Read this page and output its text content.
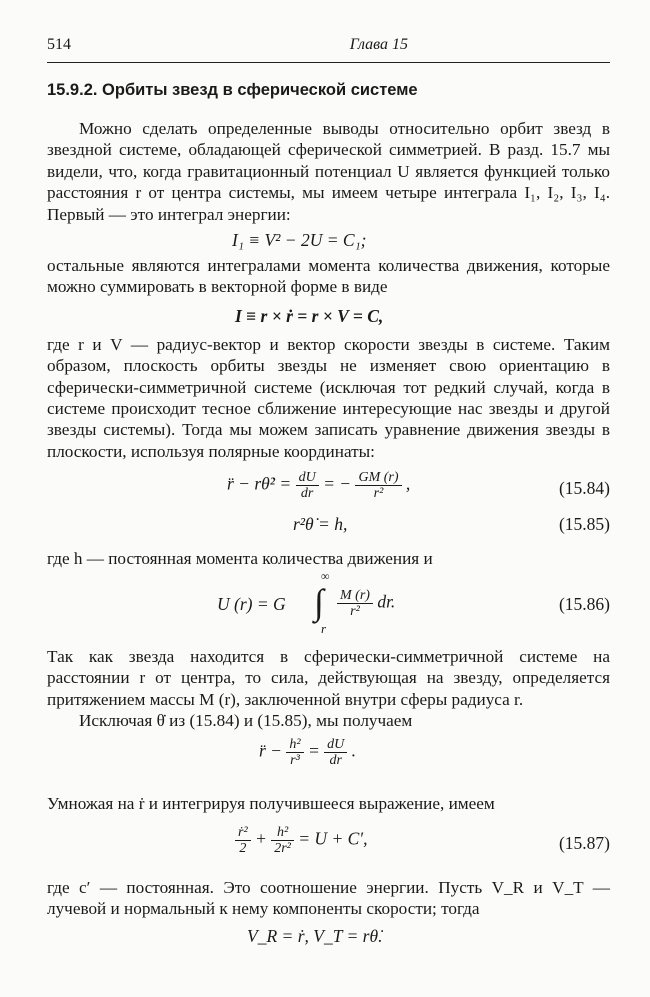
514	Глава 15
15.9.2. Орбиты звезд в сферической системе

Можно сделать определенные выводы относительно орбит звезд в звездной системе, обладающей сферической симметрией. В разд. 15.7 мы видели, что, когда гравитационный потенциал U является функцией только расстояния r от центра системы, мы имеем четыре интеграла I₁, I₂, I₃, I₄. Первый — это интеграл энергии:

I₁ ≡ V² − 2U = C₁;

остальные являются интегралами момента количества движения, которые можно суммировать в векторной форме в виде

I ≡ r × ṙ = r × V = C,

где r и V — радиус-вектор и вектор скорости звезды в системе. Таким образом, плоскость орбиты звезды не изменяет свою ориентацию в сферически-симметричной системе (исключая тот редкий случай, когда в системе происходит тесное сближение интересующие нас звезды и другой звезды системы). Тогда мы можем записать уравнение движения звезды в плоскости, используя полярные координаты:

r̈ − rθ̇² = $\frac{dU}{dr}$ = − $\frac{GM (r)}{\text{r²}}$ ,	(15.84)
r²θ̇ = h,	(15.85)

где h — постоянная момента количества движения и

U (r) = G
∞
∫
r
$\frac{M (r)}{\text{r²}}$ dr.	(15.86)

Так как звезда находится в сферически-симметричной системе на расстоянии r от центра, то сила, действующая на звезду, определяется притяжением массы M (r), заключенной внутри сферы радиуса r.

Исключая θ̇ из (15.84) и (15.85), мы получаем

r̈ − $\frac{\text{h²}}{\text{r³}} = \frac{dU}{dr}$ .

Умножая на ṙ и интегрируя получившееся выражение, имеем

$\frac{\text{ṙ²}}{2} + \frac{\text{h²}}{\text{2r²}} = U + C'$,	(15.87)

где c′ — постоянная. Это соотношение энергии. Пусть V_R и V_T — лучевой и нормальный к нему компоненты скорости; тогда

V_R = ṙ, V_T = rθ̇.
